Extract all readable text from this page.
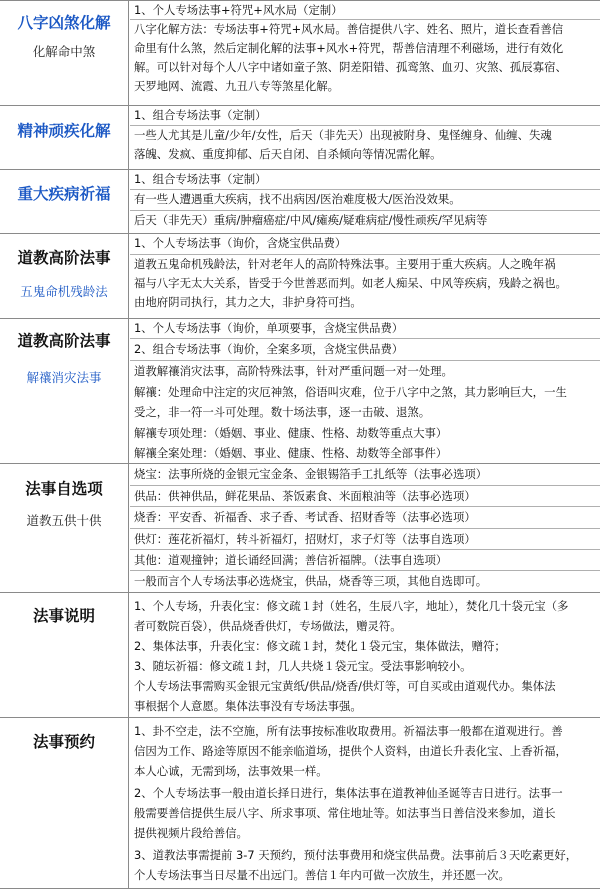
八字凶煞化解
化解命中煞
1、个人专场法事+符咒+风水局（定制）
八字化解方法：专场法事+符咒+风水局。善信提供八字、姓名、照片，道长查看善信
命里有什么煞，然后定制化解的法事+风水+符咒，帮善信清理不利磁场，进行有效化
解。可以针对每个人八字中诸如童子煞、阴差阳错、孤鸾煞、血刃、灾煞、孤辰寡宿、
天罗地网、流霞、九丑八专等煞星化解。
精神顽疾化解
1、组合专场法事（定制）
一些人尤其是儿童/少年/女性，后天（非先天）出现被附身、鬼怪缠身、仙缠、失魂
落魄、发疯、重度抑郁、后天自闭、自杀倾向等情况需化解。
重大疾病祈福
1、组合专场法事（定制）
有一些人遭遇重大疾病，找不出病因/医治难度极大/医治没效果。
后天（非先天）重病/肿瘤癌症/中风/瘫痪/疑难病症/慢性顽疾/罕见病等
道教高阶法事
五鬼命机残龄法
1、个人专场法事（询价，含烧宝供品费）
道教五鬼命机残龄法，针对老年人的高阶特殊法事。主要用于重大疾病。人之晚年祸
福与八字无太大关系，皆受于今世善恶而判。如老人痴呆、中风等疾病，残龄之祸也。
由地府阴司执行，其力之大，非护身符可挡。
道教高阶法事
解禳消灾法事
1、个人专场法事（询价，单项要事，含烧宝供品费）
2、组合专场法事（询价，全案多项，含烧宝供品费）
道教解禳消灾法事，高阶特殊法事，针对严重问题一对一处理。
解禳：处理命中注定的灾厄神煞，俗语叫灾难，位于八字中之煞，其力影响巨大，一生
受之，非一符一斗可处理。数十场法事，逐一击破、退煞。
解禳专项处理：（婚姻、事业、健康、性格、劫数等重点大事）
解禳全案处理：（婚姻、事业、健康、性格、劫数等全部事件）
法事自选项
道教五供十供
烧宝：法事所烧的金银元宝金条、金银锡箔手工扎纸等（法事必选项）
供品：供神供品，鲜花果品、茶饭素食、米面粮油等（法事必选项）
烧香：平安香、祈福香、求子香、考试香、招财香等（法事必选项）
供灯：莲花祈福灯，转斗祈福灯，招财灯，求子灯等（法事自选项）
其他：道观撞钟；道长诵经回满；善信祈福牌。（法事自选项）
一般而言个人专场法事必选烧宝，供品，烧香等三项，其他自选即可。
法事说明
1、个人专场，升表化宝：修文疏１封（姓名，生辰八字，地址），焚化几十袋元宝（多
者可数院百袋），供品烧香供灯，专场做法，赠灵符。
2、集体法事，升表化宝：修文疏１封，焚化１袋元宝，集体做法，赠符；
3、随坛祈福：修文疏１封，几人共烧１袋元宝。受法事影响较小。
个人专场法事需购买金银元宝黄纸/供品/烧香/供灯等，可自买或由道观代办。集体法
事根据个人意愿。集体法事没有专场法事强。
法事预约
1、卦不空走，法不空施，所有法事按标准收取费用。祈福法事一般都在道观进行。善
信因为工作、路途等原因不能亲临道场，提供个人资料，由道长升表化宝、上香祈福，
本人心诚，无需到场，法事效果一样。
2、个人专场法事一般由道长择日进行，集体法事在道教神仙圣诞等吉日进行。法事一
般需要善信提供生辰八字、所求事项、常住地址等。如法事当日善信没来参加，道长
提供视频片段给善信。
3、道教法事需提前 3-7 天预约，预付法事费用和烧宝供品费。法事前后３天吃素更好，
个人专场法事当日尽量不出远门。善信１年内可做一次放生，并还愿一次。
